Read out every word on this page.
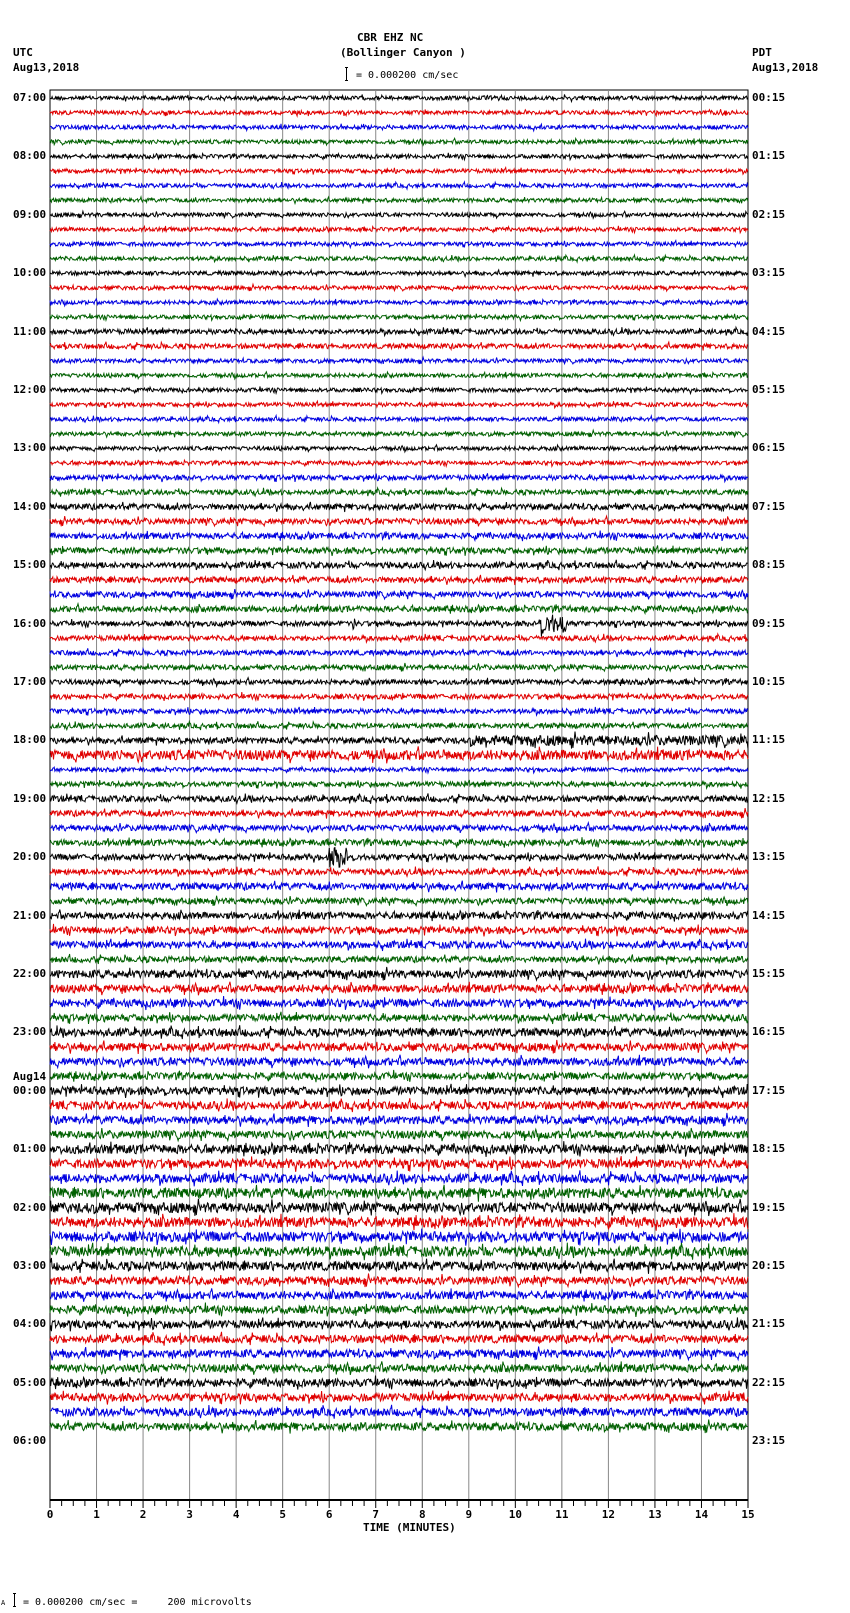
CBR EHZ NC
(Bollinger Canyon )
UTC
Aug13,2018
PDT
Aug13,2018
= 0.000200 cm/sec
0	1	2	3	4	5	6	7	8	9	10	11	12	13	14	15
07:00
08:00
09:00
10:00
11:00
12:00
13:00
14:00
15:00
16:00
17:00
18:00
19:00
20:00
21:00
22:00
23:00
00:00
Aug14
01:00
02:00
03:00
04:00
05:00
06:00
00:15
01:15
02:15
03:15
04:15
05:15
06:15
07:15
08:15
09:15
10:15
11:15
12:15
13:15
14:15
15:15
16:15
17:15
18:15
19:15
20:15
21:15
22:15
23:15
TIME (MINUTES)
A = 0.000200 cm/sec =     200 microvolts
